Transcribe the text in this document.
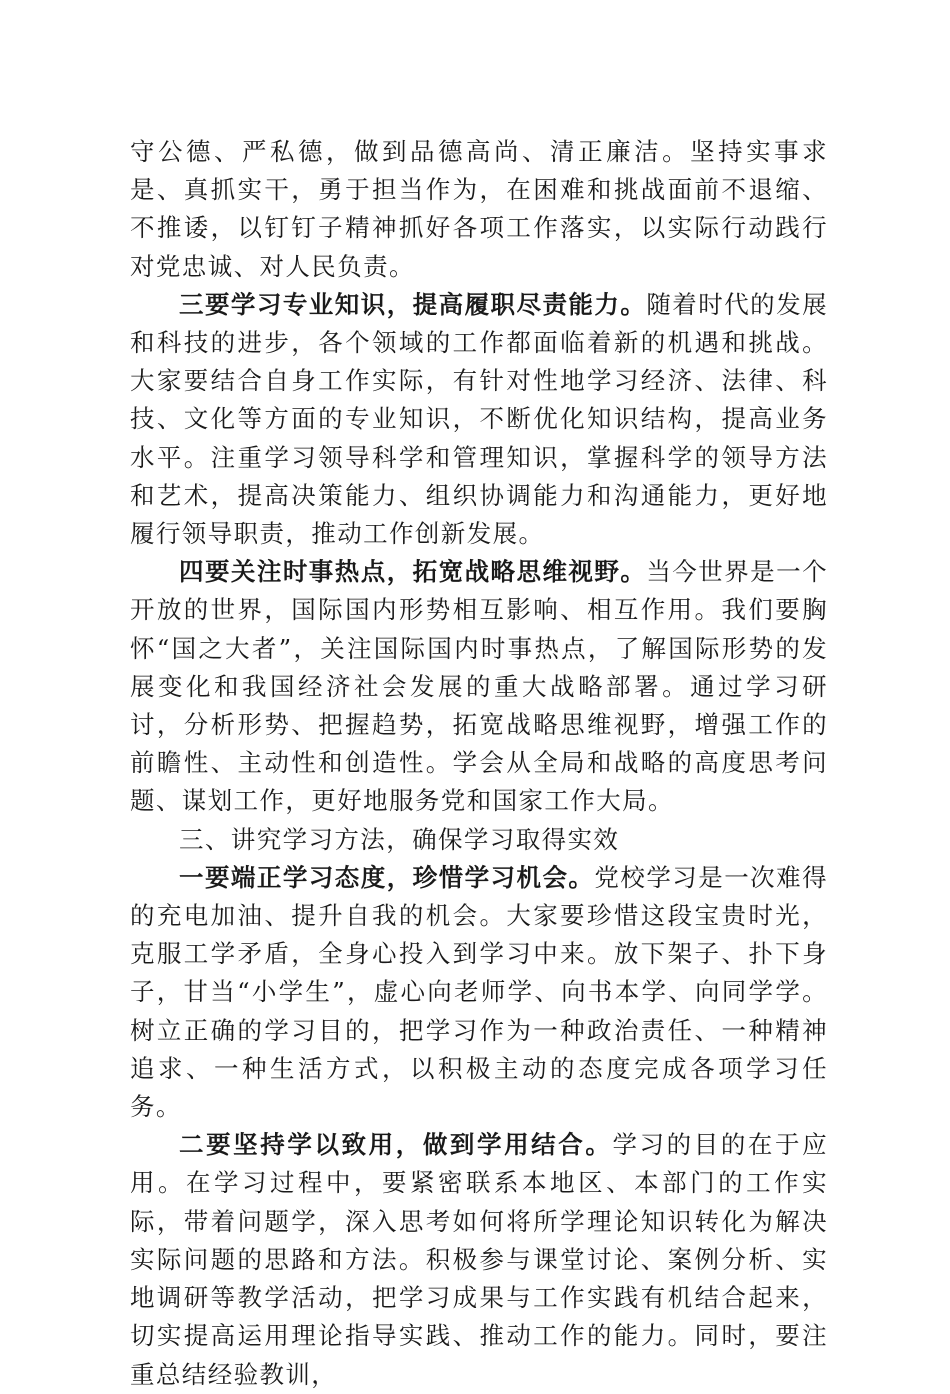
守公德、严私德，做到品德高尚、清正廉洁。坚持实事求是、真抓实干，勇于担当作为，在困难和挑战面前不退缩、不推诿，以钉钉子精神抓好各项工作落实，以实际行动践行对党忠诚、对人民负责。

三要学习专业知识，提高履职尽责能力。随着时代的发展和科技的进步，各个领域的工作都面临着新的机遇和挑战。大家要结合自身工作实际，有针对性地学习经济、法律、科技、文化等方面的专业知识，不断优化知识结构，提高业务水平。注重学习领导科学和管理知识，掌握科学的领导方法和艺术，提高决策能力、组织协调能力和沟通能力，更好地履行领导职责，推动工作创新发展。

四要关注时事热点，拓宽战略思维视野。当今世界是一个开放的世界，国际国内形势相互影响、相互作用。我们要胸怀“国之大者”，关注国际国内时事热点，了解国际形势的发展变化和我国经济社会发展的重大战略部署。通过学习研讨，分析形势、把握趋势，拓宽战略思维视野，增强工作的前瞻性、主动性和创造性。学会从全局和战略的高度思考问题、谋划工作，更好地服务党和国家工作大局。

三、讲究学习方法，确保学习取得实效

一要端正学习态度，珍惜学习机会。党校学习是一次难得的充电加油、提升自我的机会。大家要珍惜这段宝贵时光，克服工学矛盾，全身心投入到学习中来。放下架子、扑下身子，甘当“小学生”，虚心向老师学、向书本学、向同学学。树立正确的学习目的，把学习作为一种政治责任、一种精神追求、一种生活方式，以积极主动的态度完成各项学习任务。

二要坚持学以致用，做到学用结合。学习的目的在于应用。在学习过程中，要紧密联系本地区、本部门的工作实际，带着问题学，深入思考如何将所学理论知识转化为解决实际问题的思路和方法。积极参与课堂讨论、案例分析、实地调研等教学活动，把学习成果与工作实践有机结合起来，切实提高运用理论指导实践、推动工作的能力。同时，要注重总结经验教训，
